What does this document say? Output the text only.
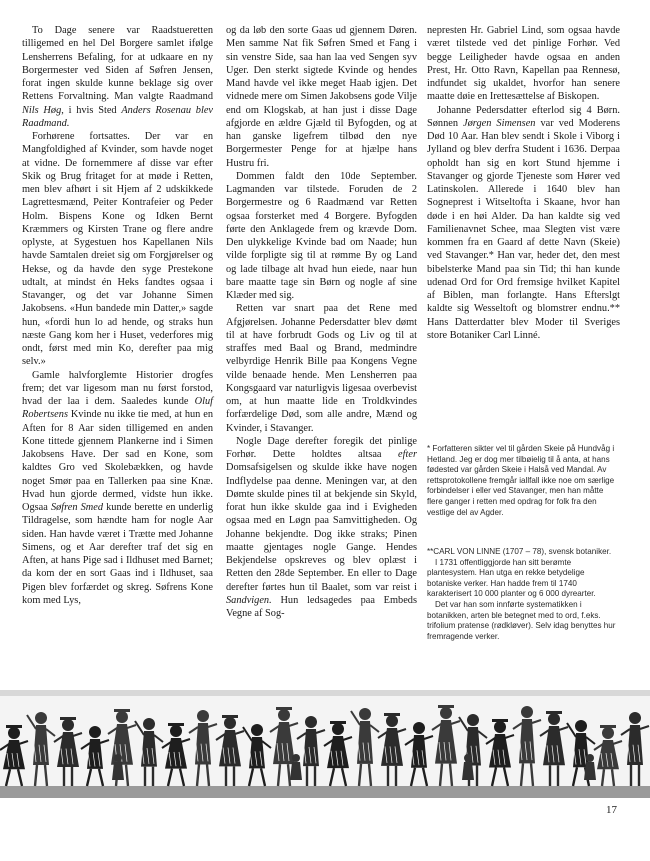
To Dage senere var Raadstueretten tilligemed en hel Del Borgere samlet ifølge Lensherrens Befaling, for at udkaare en ny Borgermester ved Siden af Søfren Jensen, forat ingen skulde kunne beklage sig over Rettens Forvaltning. Man valgte Raadmand Nils Høg, i hvis Sted Anders Rosenau blev Raadmand.

Forhørene fortsattes. Der var en Mangfoldighed af Kvinder, som havde noget at vidne. De fornemmere af disse var efter Skik og Brug fritaget for at møde i Retten, men blev afhørt i sit Hjem af 2 udskikkede Lagrettesmænd, Peiter Kontrafeier og Peder Holm. Bispens Kone og Idken Bernt Kræmmers og Kirsten Trane og flere andre oplyste, at Sygestuen hos Kapellanen Nils havde Samtalen dreiet sig om Forgjørelser og Hekse, og da havde den syge Prestekone udtalt, at mindst én Heks fandtes ogsaa i Stavanger, og det var Johanne Simen Jakobsens. «Hun bandede min Datter,» sagde hun, «fordi hun lo ad hende, og straks hun næste Gang kom her i Huset, vederfores mig ondt, først med min Ko, derefter paa mig selv.»

Gamle halvforglemte Historier drogfes frem; det var ligesom man nu først forstod, hvad der laa i dem. Saaledes kunde Oluf Robertsens Kvinde nu ikke tie med, at hun en Aften for 8 Aar siden tilligemed en anden Kone tittede gjennem Plankerne ind i Simen Jakobsens Have. Der sad en Kone, som kaldtes Gro ved Skolebækken, og havde noget Smør paa en Tallerken paa sine Knæ. Hvad hun gjorde dermed, vidste hun ikke. Ogsaa Søfren Smed kunde berette en underlig Tildragelse, som hændte ham for nogle Aar siden. Han havde været i Trætte med Johanne Simens, og et Aar derefter traf det sig en Aften, at hans Pige sad i Ildhuset med Barnet; da kom der en sort Gaas ind i Ildhuset, saa Pigen blev forfærdet og skreg. Søfrens Kone kom med Lys,

og da løb den sorte Gaas ud gjennem Døren. Men samme Nat fik Søfren Smed et Fang i sin venstre Side, saa han laa ved Sengen syv Uger. Den sterkt sigtede Kvinde og hendes Mand havde vel ikke meget Haab igjen. Det vidnede mere om Simen Jakobsens gode Vilje end om Klogskab, at han just i disse Dage afgjorde en ældre Gjæld til Byfogden, og at han ganske ligefrem tilbød den nye Borgermester Penge for at hjælpe hans Hustru fri.

Dommen faldt den 10de September. Lagmanden var tilstede. Foruden de 2 Borgermestre og 6 Raadmænd var Retten ogsaa forsterket med 4 Borgere. Byfogden førte den Anklagede frem og krævde Dom. Den ulykkelige Kvinde bad om Naade; hun vilde forpligte sig til at rømme By og Land og lade tilbage alt hvad hun eiede, naar hun bare maatte tage sin Børn og nogle af sine Klæder med sig.

Retten var snart paa det Rene med Afgjørelsen. Johanne Pedersdatter blev dømt til at have forbrudt Gods og Liv og til at straffes med Baal og Brand, medmindre velbyrdige Henrik Bille paa Kongens Vegne vilde benaade hende. Men Lensherren paa Kongsgaard var naturligvis ligesaa overbevist om, at hun maatte lide en Troldkvindes forfærdelige Død, som alle andre, Mænd og Kvinder, i Stavanger.

Nogle Dage derefter foregik det pinlige Forhør. Dette holdtes altsaa efter Domsafsigelsen og skulde ikke have nogen Indflydelse paa denne. Meningen var, at den Dømte skulde pines til at bekjende sin Skyld, forat hun ikke skulde gaa ind i Evigheden ogsaa med en Løgn paa Samvittigheden. Og Johanne bekjendte. Dog ikke straks; Pinen maatte gjentages nogle Gange. Hendes Bekjendelse opskreves og blev oplæst i Retten den 28de September. En eller to Dage derefter førtes hun til Baalet, som var reist i Sandvigen. Hun ledsagedes paa Embeds Vegne af Sog-

nepresten Hr. Gabriel Lind, som ogsaa havde været tilstede ved det pinlige Forhør. Ved begge Leiligheder havde ogsaa en anden Prest, Hr. Otto Ravn, Kapellan paa Rennesø, indfundet sig ukaldet, hvorfor han senere maatte døie en Irettesættelse af Biskopen.

Johanne Pedersdatter efterlod sig 4 Børn. Sønnen Jørgen Simensen var ved Moderens Død 10 Aar. Han blev sendt i Skole i Viborg i Jylland og blev derfra Student i 1636. Derpaa opholdt han sig en kort Stund hjemme i Stavanger og gjorde Tjeneste som Hører ved Latinskolen. Allerede i 1640 blev han Sogneprest i Witseltofta i Skaane, hvor han døde i en høi Alder. Da han kaldte sig ved Familienavnet Schee, maa Slegten vist være kommen fra en Gaard af dette Navn (Skeie) ved Stavanger.* Han var, heder det, den mest bibelsterke Mand paa sin Tid; thi han kunde udenad Ord for Ord fremsige hvilket Kapitel af Biblen, man forlangte. Hans Efterslgt kaldte sig Wesseltoft og blomstrer endnu.** Hans Datterdatter blev Moder til Sveriges store Botaniker Carl Linné.

* Forfatteren sikter vel til gården Skeie på Hundvåg i Hetland. Jeg er dog mer tilbøielig til å anta, at hans fødested var gården Skeie i Halså ved Mandal. Av rettsprotokollene fremgår iallfall ikke noe om særlige forbindelser i eller ved Stavanger, men han måtte flere ganger i retten med opdrag for folk fra den vestlige del av Agder.

**CARL VON LINNE (1707 – 78), svensk botaniker.

I 1731 offentliggjorde han sitt berømte plantesystem. Han utga en rekke betydelige botaniske verker. Han hadde frem til 1740 karakterisert 10 000 planter og 6 000 dyrearter.

Det var han som innførte systematikken i botanikken, arten ble betegnet med to ord, f.eks. trifolium pratense (rødkløver). Selv idag benyttes hur fremragende verker.

17
